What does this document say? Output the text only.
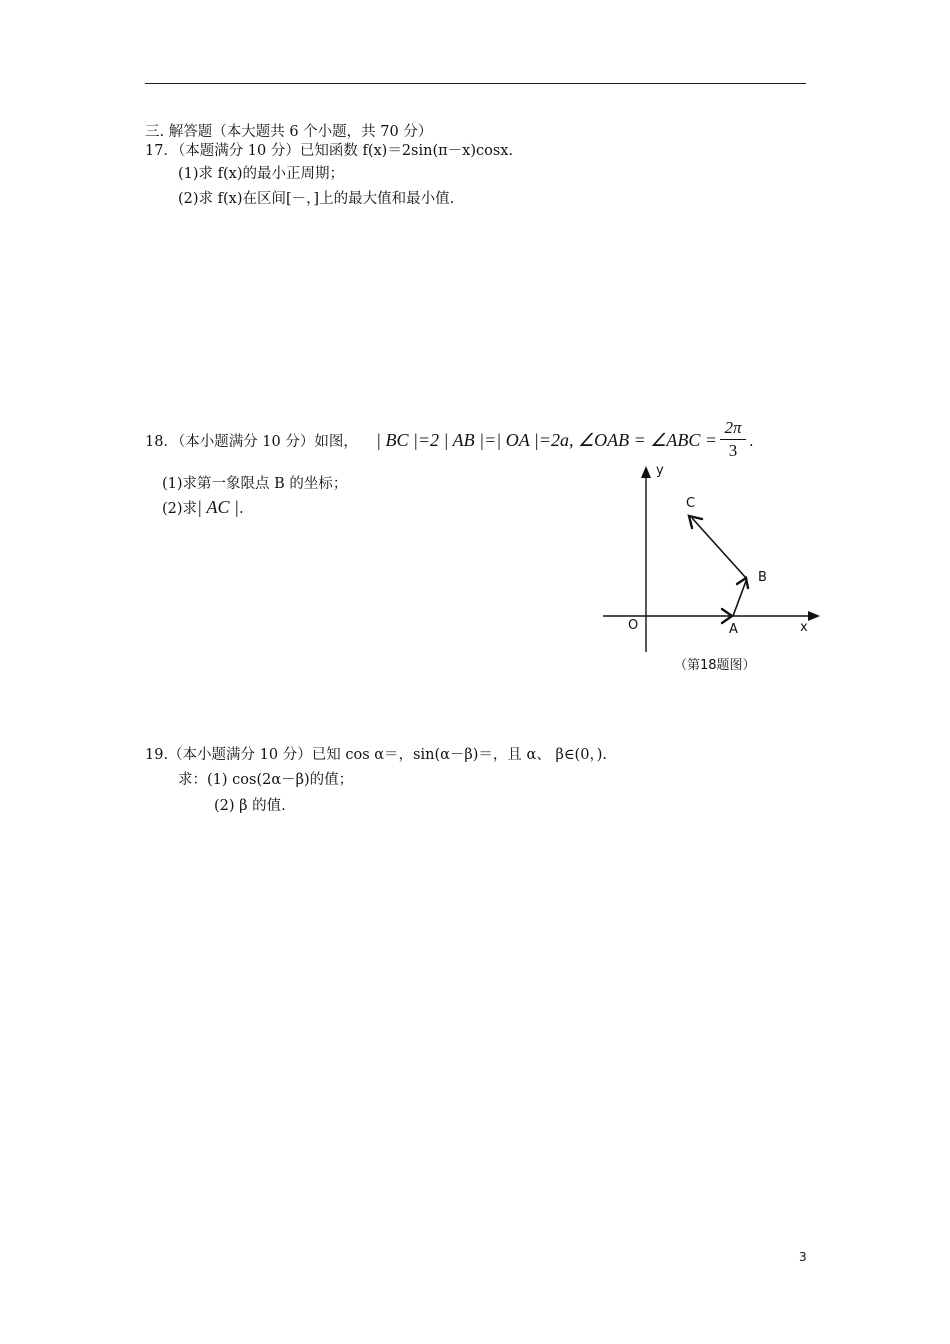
三. 解答题（本大题共 6 个小题，共 70 分）
17．（本题满分 10 分）已知函数 f(x)＝2sin(π－x)cosx.
(1)求 f(x)的最小正周期；
(2)求 f(x)在区间[－，]上的最大值和最小值.
18．（本小题满分 10 分）如图， | BC |=2 | AB |=| OA |=2a, ∠OAB = ∠ABC =
2π
3 .
(1)求第一象限点 B 的坐标；
(2)求| AC |.
y
C
B
O	A	x
（第18题图）
19.（本小题满分 10 分）已知 cos α＝，sin(α－β)＝，且 α、 β∈(0，).
求：(1) cos(2α－β)的值；
(2) β 的值.
3
